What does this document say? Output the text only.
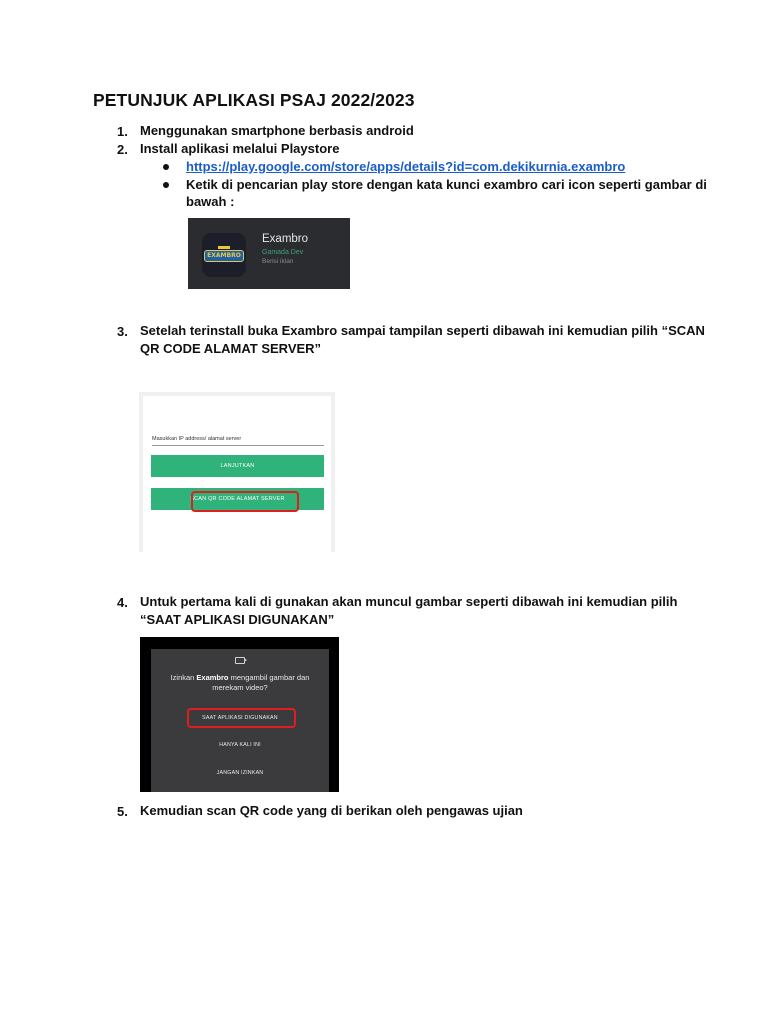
PETUNJUK APLIKASI PSAJ 2022/2023
1. Menggunakan smartphone berbasis android
2. Install aplikasi melalui Playstore
https://play.google.com/store/apps/details?id=com.dekikurnia.exambro
Ketik di pencarian play store dengan kata kunci exambro cari icon seperti gambar di
bawah :
EXAMBRO
Exambro
Gamada Dev
Berisi iklan
3. Setelah terinstall buka Exambro sampai tampilan seperti dibawah ini kemudian pilih “SCAN
QR CODE ALAMAT SERVER”
Masukkan IP address/ alamat server
LANJUTKAN
SCAN QR CODE ALAMAT SERVER
4. Untuk pertama kali di gunakan akan muncul gambar seperti dibawah ini kemudian pilih
“SAAT APLIKASI DIGUNAKAN”
Izinkan Exambro mengambil gambar dan merekam video?
SAAT APLIKASI DIGUNAKAN
HANYA KALI INI
JANGAN IZINKAN
5. Kemudian scan QR code yang di berikan oleh pengawas ujian
